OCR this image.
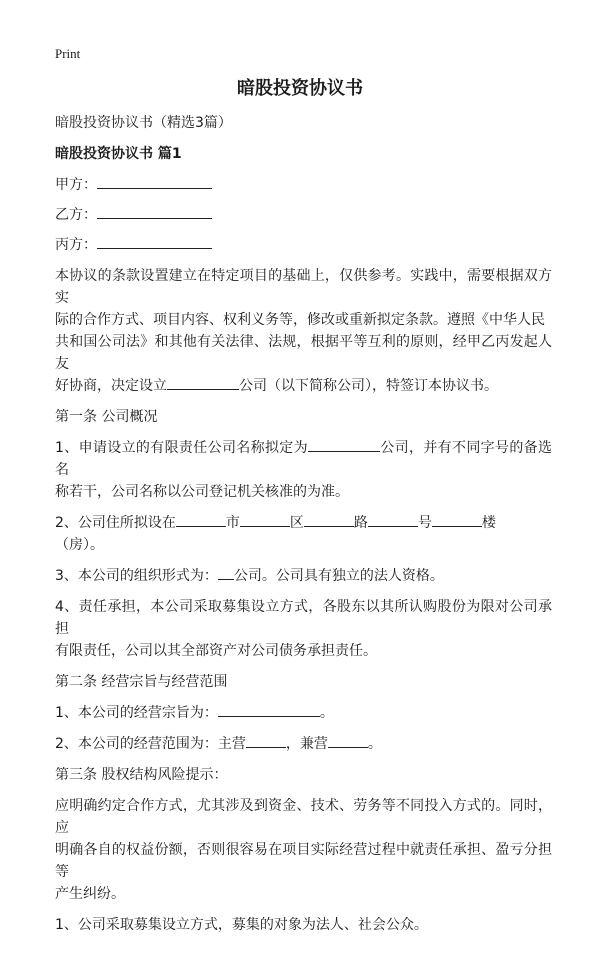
Print
暗股投资协议书
暗股投资协议书（精选3篇）
暗股投资协议书 篇1
甲方：
乙方：
丙方：
本协议的条款设置建立在特定项目的基础上，仅供参考。实践中，需要根据双方实
际的合作方式、项目内容、权利义务等，修改或重新拟定条款。遵照《中华人民
共和国公司法》和其他有关法律、法规，根据平等互利的原则，经甲乙丙发起人友
好协商，决定设立	公司（以下简称公司），特签订本协议书。
第一条 公司概况
1、申请设立的有限责任公司名称拟定为	公司，并有不同字号的备选名
称若干，公司名称以公司登记机关核准的为准。
2、公司住所拟设在	市	区	路	号	楼
（房）。
3、本公司的组织形式为： 公司。公司具有独立的法人资格。
4、责任承担，本公司采取募集设立方式，各股东以其所认购股份为限对公司承担
有限责任，公司以其全部资产对公司债务承担责任。
第二条 经营宗旨与经营范围
1、本公司的经营宗旨为：	。
2、本公司的经营范围为：主营	，兼营	。
第三条 股权结构风险提示：
应明确约定合作方式，尤其涉及到资金、技术、劳务等不同投入方式的。同时，应
明确各自的权益份额，否则很容易在项目实际经营过程中就责任承担、盈亏分担等
产生纠纷。
1、公司采取募集设立方式，募集的对象为法人、社会公众。
